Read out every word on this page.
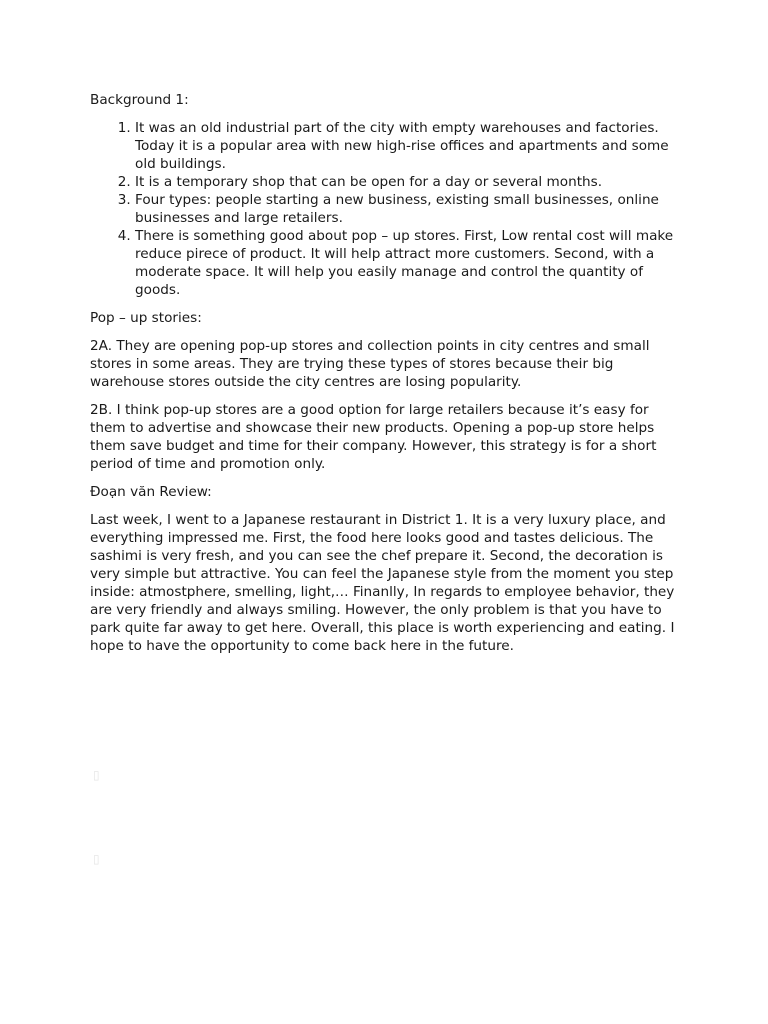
Background 1:

1. It was an old industrial part of the city with empty warehouses and factories. Today it is a popular area with new high-rise offices and apartments and some old buildings.
2. It is a temporary shop that can be open for a day or several months.
3. Four types: people starting a new business, existing small businesses, online businesses and large retailers.
4. There is something good about pop – up stores. First, Low rental cost will make reduce pirece of product. It will help attract more customers. Second, with a moderate space. It will help you easily manage and control the quantity of goods.

Pop – up stories:

2A. They are opening pop-up stores and collection points in city centres and small stores in some areas. They are trying these types of stores because their big warehouse stores outside the city centres are losing popularity.

2B. I think pop-up stores are a good option for large retailers because it’s easy for them to advertise and showcase their new products. Opening a pop-up store helps them save budget and time for their company. However, this strategy is for a short period of time and promotion only.

Đoạn văn Review:

Last week, I went to a Japanese restaurant in District 1. It is a very luxury place, and everything impressed me. First, the food here looks good and tastes delicious. The sashimi is very fresh, and you can see the chef prepare it. Second, the decoration is very simple but attractive. You can feel the Japanese style from the moment you step inside: atmostphere, smelling, light,… Finanlly, In regards to employee behavior, they are very friendly and always smiling. However, the only problem is that you have to park quite far away to get here. Overall, this place is worth experiencing and eating. I hope to have the opportunity to come back here in the future.

▯
▯
